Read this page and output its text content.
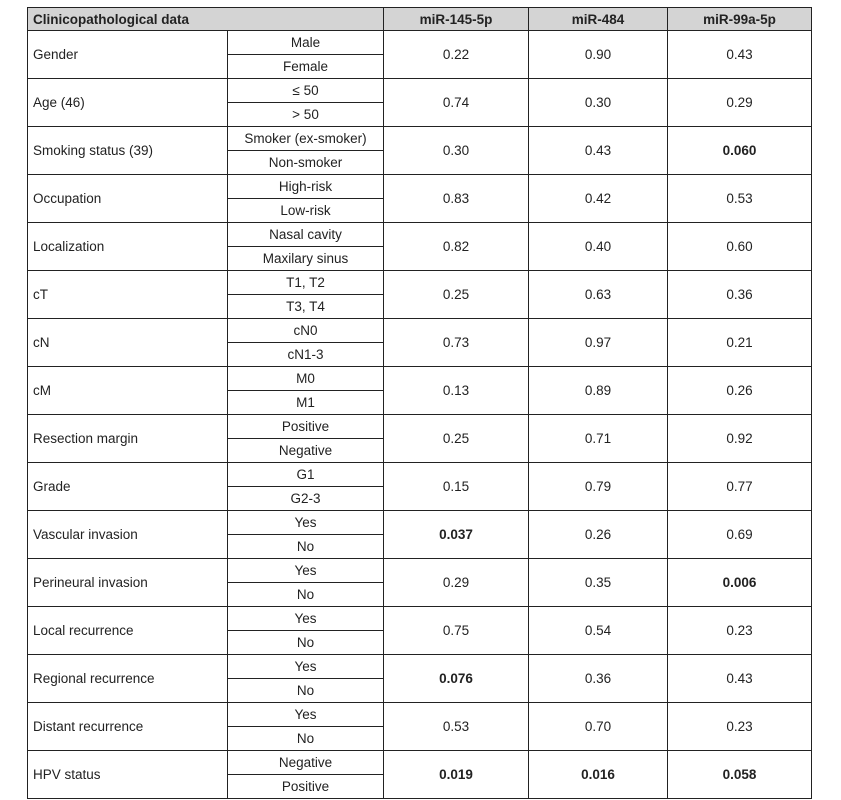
Clinicopathological data		miR-145-5p	miR-484	miR-99a-5p
Gender	Male	0.22	0.90	0.43
	Female			
Age (46)	≤ 50	0.74	0.30	0.29
	> 50			
Smoking status (39)	Smoker (ex-smoker)	0.30	0.43	0.060
	Non-smoker			
Occupation	High-risk	0.83	0.42	0.53
	Low-risk			
Localization	Nasal cavity	0.82	0.40	0.60
	Maxilary sinus			
cT	T1, T2	0.25	0.63	0.36
	T3, T4			
cN	cN0	0.73	0.97	0.21
	cN1-3			
cM	M0	0.13	0.89	0.26
	M1			
Resection margin	Positive	0.25	0.71	0.92
	Negative			
Grade	G1	0.15	0.79	0.77
	G2-3			
Vascular invasion	Yes	0.037	0.26	0.69
	No			
Perineural invasion	Yes	0.29	0.35	0.006
	No			
Local recurrence	Yes	0.75	0.54	0.23
	No			
Regional recurrence	Yes	0.076	0.36	0.43
	No			
Distant recurrence	Yes	0.53	0.70	0.23
	No			
HPV status	Negative	0.019	0.016	0.058
	Positive			
